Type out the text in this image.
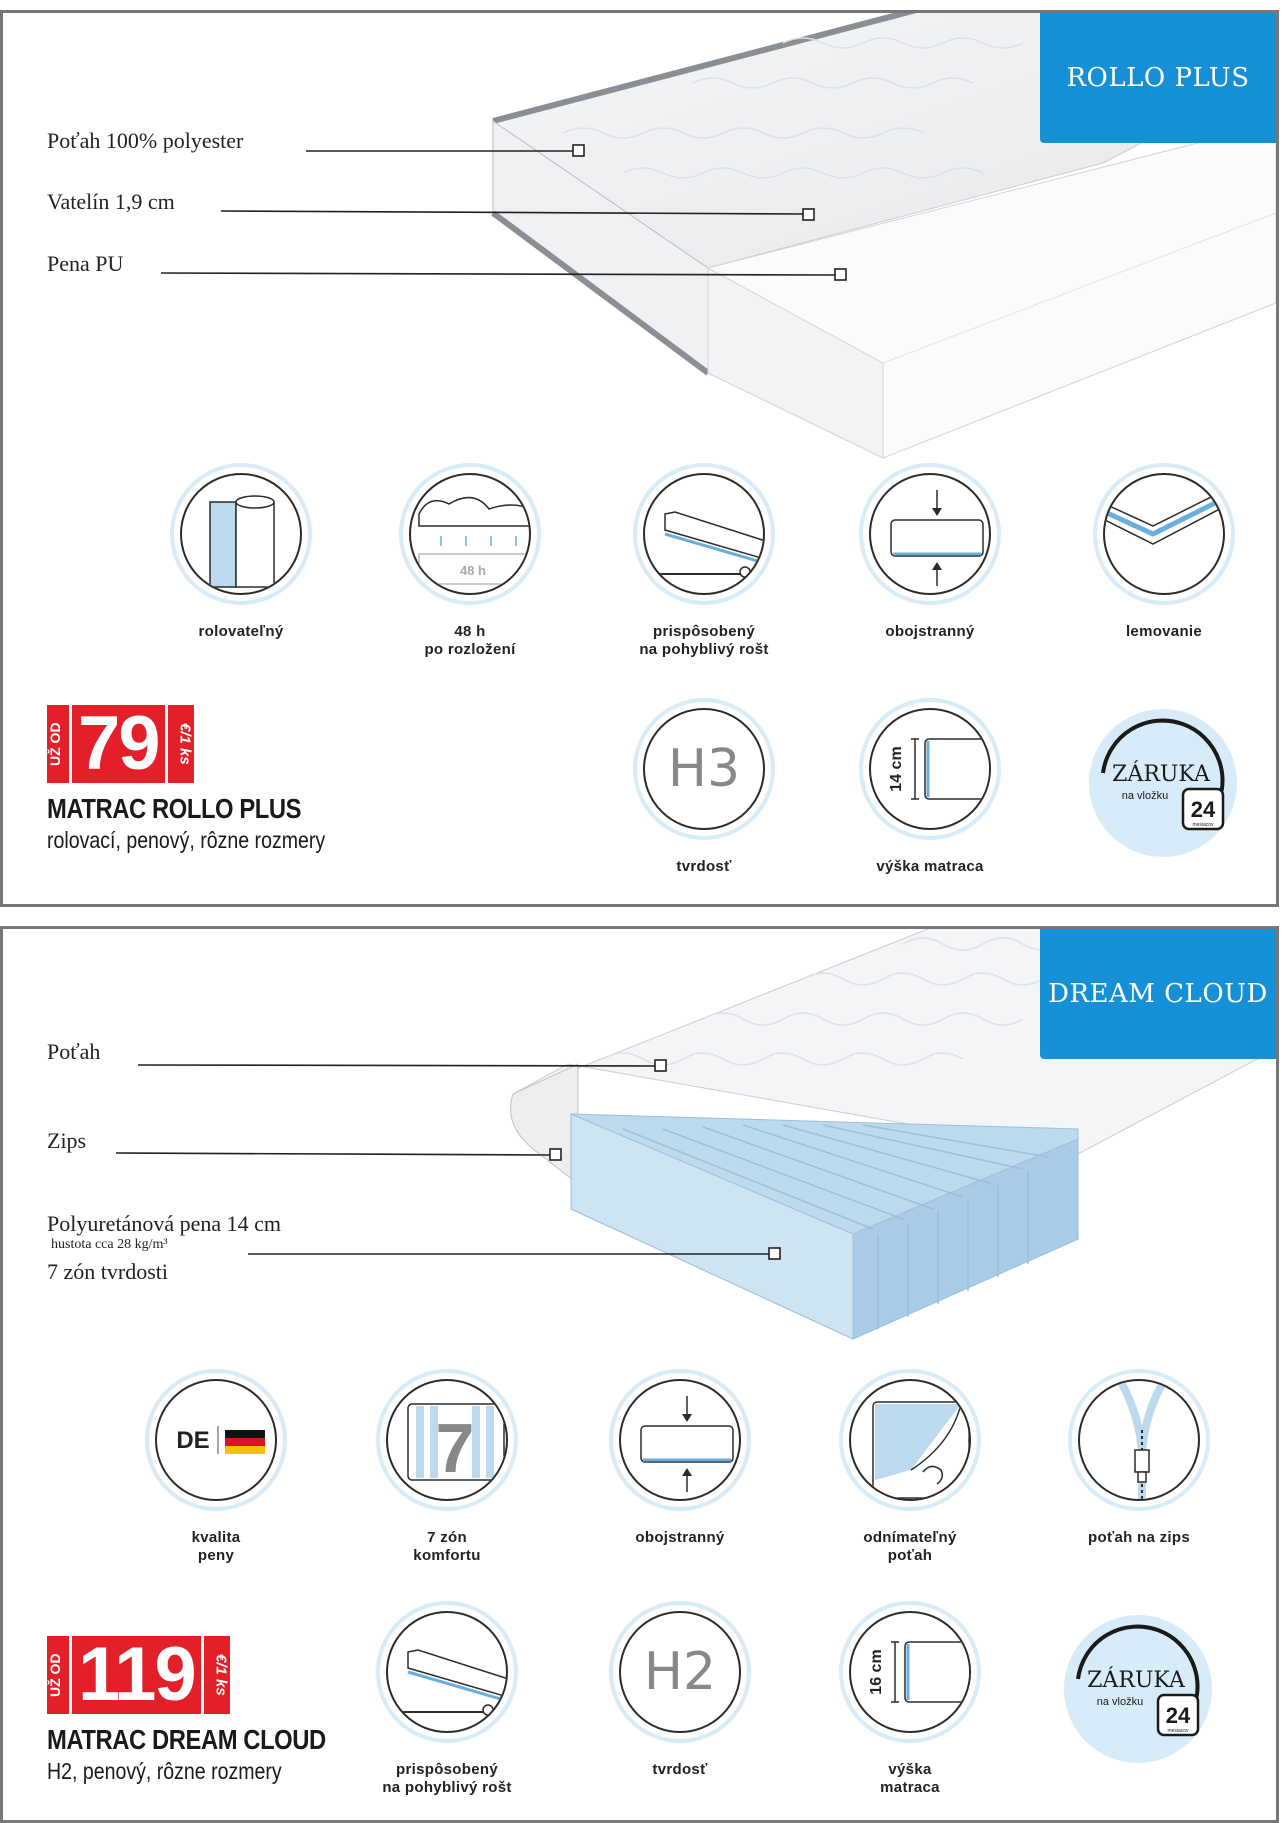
ROLLO PLUS
Poťah 100% polyester
Vatelín 1,9 cm
Pena PU
rolovateľný
48 h
48 h
po rozložení
prispôsobený
na pohyblivý rošt
obojstranný	lemovanie
H3
tvrdosť
14 cm
výška matraca
ZÁRUKA
na vložku
24
mesiacov
UŽ OD 79	€/1 ks
MATRAC ROLLO PLUS
rolovací, penový, rôzne rozmery
DREAM CLOUD
Poťah
Zips
Polyuretánová pena 14 cm
hustota cca 28 kg/m³
7 zón tvrdosti
DE
kvalita
peny
7
7 zón
komfortu
obojstranný	odnímateľný
poťah
poťah na zips
prispôsobený
na pohyblivý rošt
H2
tvrdosť
16 cm
výška
matraca
ZÁRUKA
na vložku
24
mesiacov
UŽ OD 119	€/1 ks
MATRAC DREAM CLOUD
H2, penový, rôzne rozmery
